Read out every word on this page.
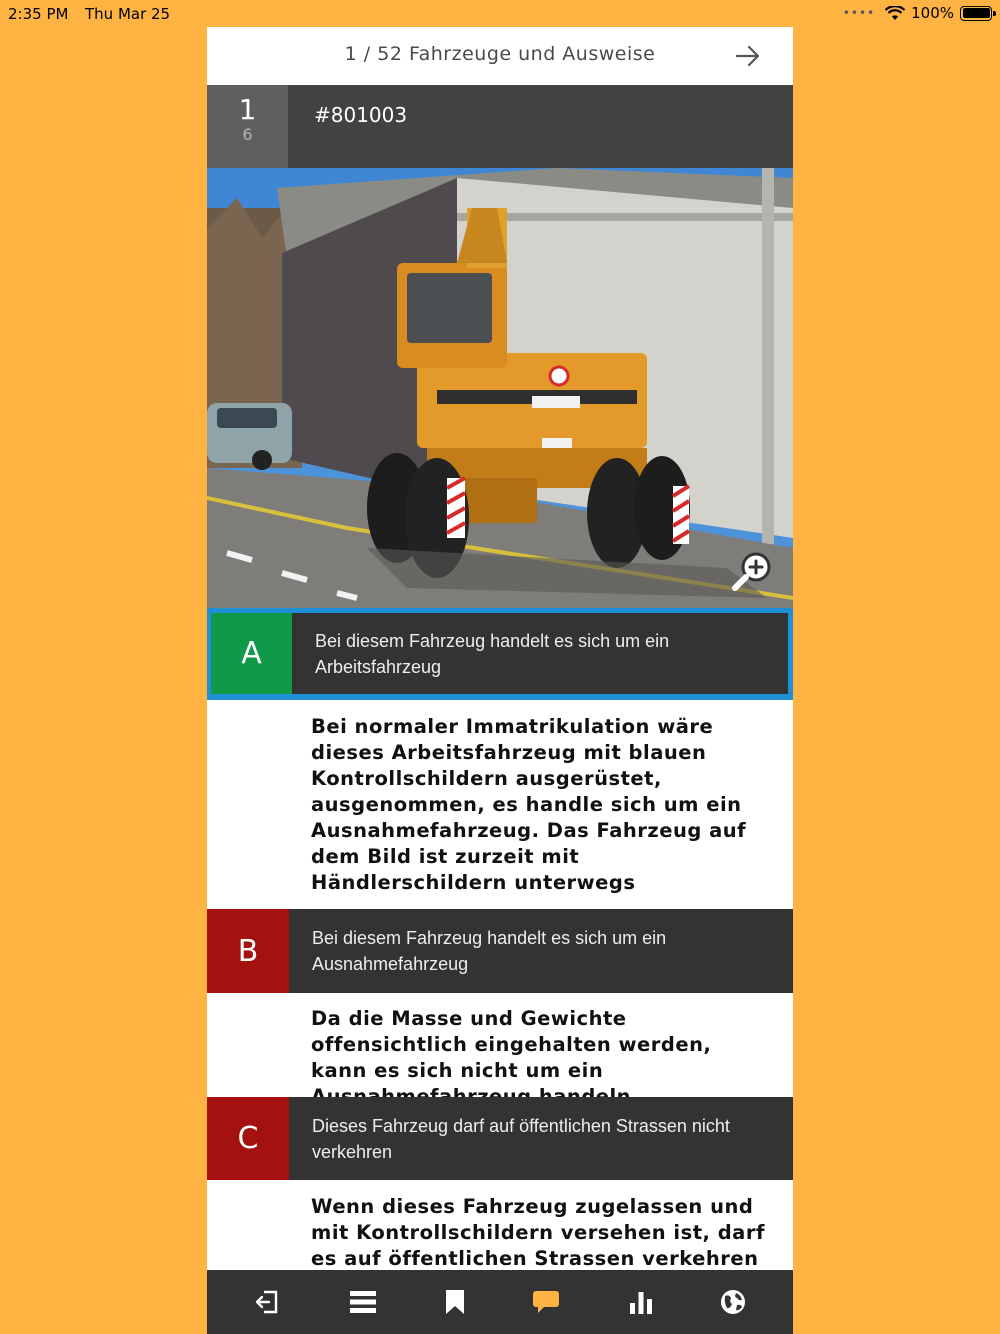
2:35 PM Thu Mar 25	•••• 100%
1 / 52 Fahrzeuge und Ausweise
1
6
#801003
A	Bei diesem Fahrzeug handelt es sich um ein Arbeitsfahrzeug
Bei normaler Immatrikulation wäre dieses Arbeitsfahrzeug mit blauen Kontrollschildern ausgerüstet, ausgenommen, es handle sich um ein Ausnahmefahrzeug. Das Fahrzeug auf dem Bild ist zurzeit mit Händlerschildern unterwegs
B	Bei diesem Fahrzeug handelt es sich um ein Ausnahmefahrzeug
Da die Masse und Gewichte offensichtlich eingehalten werden, kann es sich nicht um ein
C	Dieses Fahrzeug darf auf öffentlichen Strassen nicht verkehren
Wenn dieses Fahrzeug zugelassen und mit Kontrollschildern versehen ist, darf es auf öffentlichen Strassen verkehren
